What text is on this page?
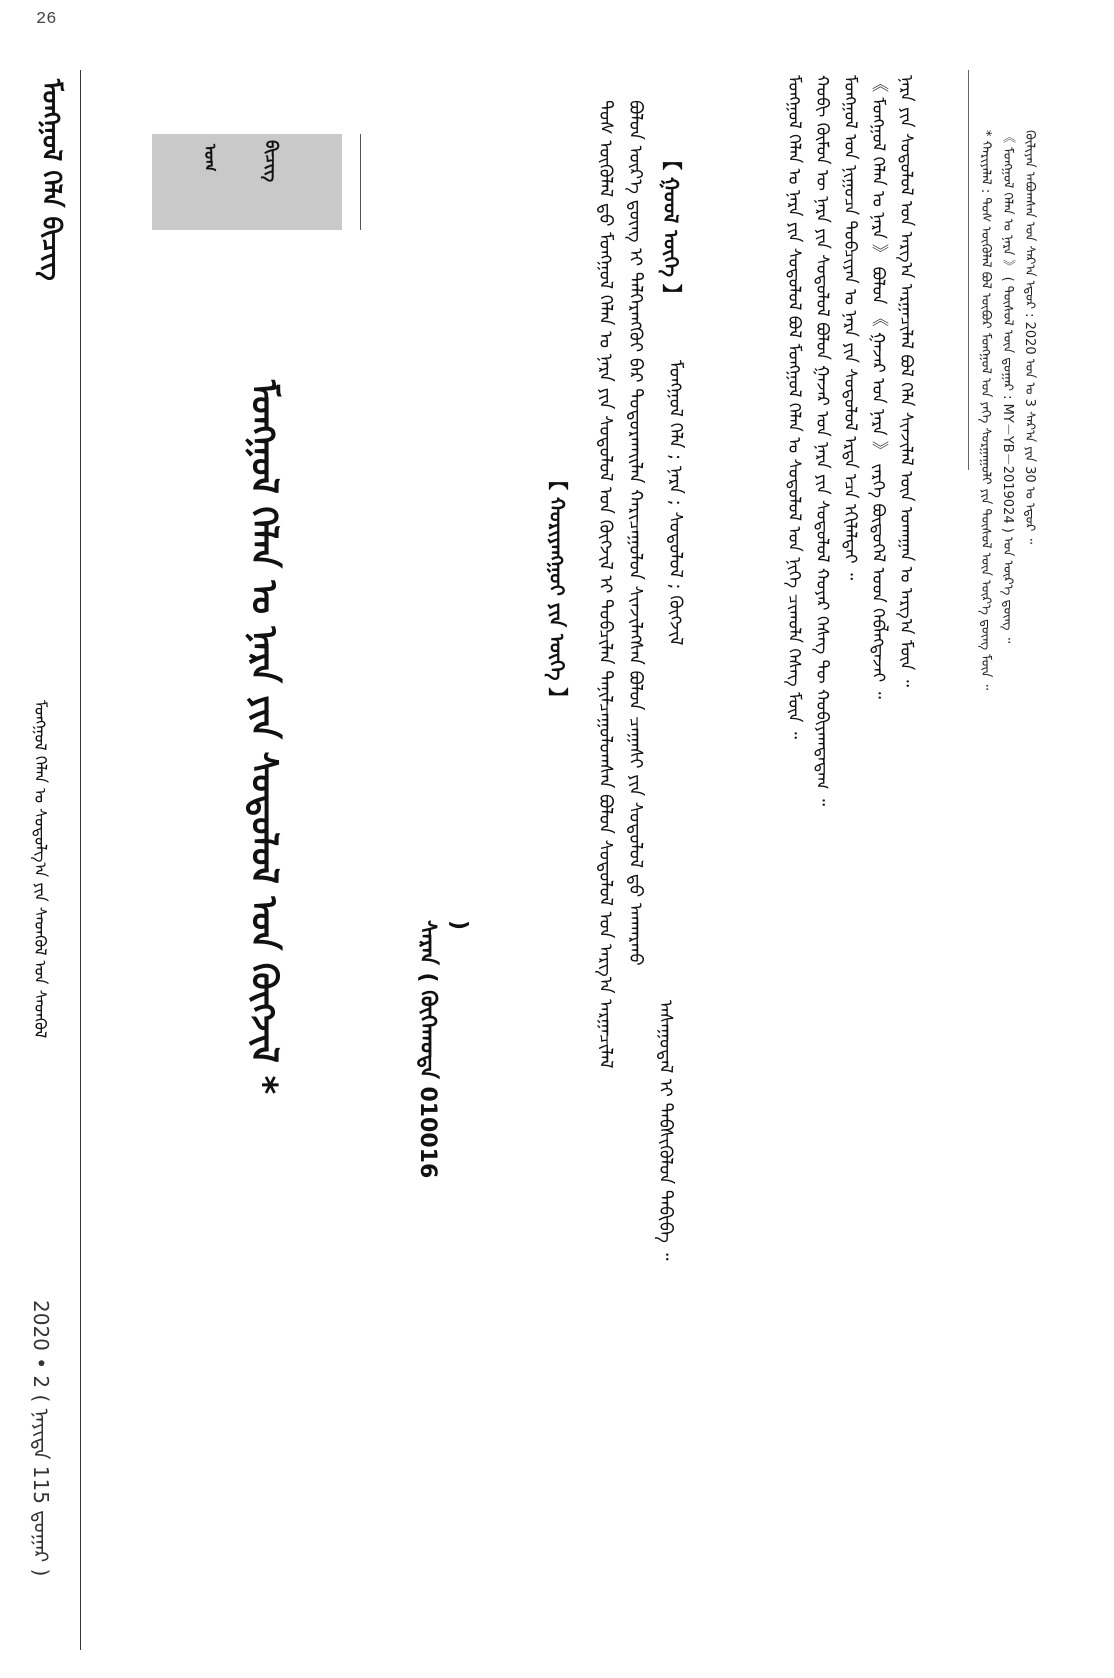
26
ᠮᠣᠩᠭᠣᠯ ᠬᠡᠯᠡ ᠪᠢᠴᠢᠭ
ᠮᠣᠩᠭᠣᠯ ᠬᠡᠯᠡᠨ ᠤ ᠰᠤᠳᠤᠯᠭ᠎ᠠ ᠶᠢᠨ ᠰᠡᠳᠬᠦᠯ ᠤᠨ ᠰᠡᠳᠬᠦᠯ
2020 • 2 ( ᠨᠡᠶᠢᠳᠡ 115 ᠳ᠋ᠤᠭᠠᠷ )
ᠪᠢᠴᠢᠭ
ᠤᠬ
ᠮᠣᠩᠭᠣᠯ ᠬᠡᠯᠡᠨ ᠤ ᠨᠡᠷᠡ ᠶᠢᠨ ᠰᠤᠳᠤᠯᠤᠯ ᠤᠨ ᠬᠥᠭᠵᠢᠯ *	ᠰᠠᠷᠠᠨ ( ᠬᠥᠬᠡᠬᠣᠲᠠ 010016 )
【 ᠬᠤᠷᠢᠶᠠᠩᠭᠤᠢ ᠶᠢᠨ ᠦᠭᠡ 】	ᠲᠤᠰ ᠥᠭᠦᠯᠡᠯ ᠳ᠋ᠦ ᠮᠣᠩᠭᠣᠯ ᠬᠡᠯᠡᠨ ᠤ ᠨᠡᠷᠡ ᠶᠢᠨ ᠰᠤᠳᠤᠯᠤᠯ ᠤᠨ ᠬᠥᠭᠵᠢᠯ ᠢ ᠲᠣᠪᠴᠢᠯᠠᠨ ᠲᠠᠨᠢᠯᠴᠠᠭᠤᠯᠤᠭᠰᠠᠨ ᠪᠣᠯᠤᠨ ᠰᠤᠳᠤᠯᠤᠯ ᠤᠨ ᠠᠷᠭ᠎ᠠ ᠠᠷᠭᠠᠴᠢᠯᠠᠯ ᠪᠣᠯᠤᠨ ᠦᠷ᠎ᠡ ᠳ᠋ᠦᠩ ᠢ ᠳᠡᠯᠭᠡᠷᠡᠩᠭᠦᠢ ᠪᠡᠷ ᠲᠣᠳᠤᠷᠬᠠᠢᠯᠠᠨ ᠬᠠᠷᠢᠴᠠᠭᠤᠯᠤᠨ ᠰᠢᠨᠵᠢᠯᠡᠭᠰᠡᠨ ᠪᠣᠯᠤᠨ ᠴᠠᠭᠠᠰᠢ ᠶᠢᠨ ᠰᠤᠳᠤᠯᠤᠯ ᠳ᠋ᠤ ᠠᠨᠬᠠᠷᠬᠤ
ᠠᠰᠠᠭᠤᠳᠠᠯ ᠢ ᠳᠡᠪᠰᠢᠭᠦᠯᠦᠨ ᠲᠠᠪᠢᠪᠠ ᠃
【 ᠭᠣᠣᠯ ᠦᠭᠡ 】
ᠮᠣᠩᠭᠣᠯ ᠬᠡᠯᠡ ; ᠨᠡᠷᠡ ; ᠰᠤᠳᠤᠯᠤᠯ ; ᠬᠥᠭᠵᠢᠯ	ᠮᠣᠩᠭᠣᠯ ᠬᠡᠯᠡᠨ ᠤ ᠨᠡᠷᠡ ᠶᠢᠨ ᠰᠤᠳᠤᠯᠤᠯ ᠪᠣᠯ ᠮᠣᠩᠭᠣᠯ ᠬᠡᠯᠡᠨ ᠤ ᠰᠤᠳᠤᠯᠤᠯ ᠤᠨ ᠨᠢᠭᠡ ᠴᠢᠬᠤᠯᠠ ᠬᠡᠰᠡᠭ ᠮᠥᠨ ᠃ ᠬᠤᠪᠢ ᠬᠦᠮᠦᠨ ᠦ ᠨᠡᠷᠡ ᠶᠢᠨ ᠰᠤᠳᠤᠯᠤᠯ ᠪᠣᠯᠤᠨ ᠭᠠᠵᠠᠷ ᠤᠨ ᠨᠡᠷᠡ ᠶᠢᠨ ᠰᠤᠳᠤᠯᠤᠯ ᠬᠣᠶᠠᠷ ᠬᠡᠰᠡᠭ ᠲᠦ ᠬᠤᠪᠢᠶᠠᠭᠳᠠᠳᠠᠭ ᠃ ᠮᠣᠩᠭᠣᠯ ᠤᠨ ᠨᠢᠭᠤᠴᠠ ᠲᠣᠪᠴᠢᠶᠠᠨ ᠤ ᠨᠡᠷᠡ ᠶᠢᠨ ᠰᠤᠳᠤᠯᠤᠯ ᠡᠷᠲᠡ ᠡᠴᠡ ᠡᠬᠢᠯᠡᠯᠲᠡᠢ ᠃ 《 ᠮᠣᠩᠭᠣᠯ ᠬᠡᠯᠡᠨ ᠤ ᠨᠡᠷᠡ 》 ᠪᠣᠯᠤᠨ 《 ᠭᠠᠵᠠᠷ ᠤᠨ ᠨᠡᠷᠡ 》 ᠵᠡᠷᠭᠡ ᠪᠦᠲᠦᠭᠡᠯ ᠤᠳ ᠬᠡᠪᠯᠡᠭᠳᠡᠵᠡᠢ ᠃ ᠨᠡᠷᠡ ᠶᠢᠨ ᠰᠤᠳᠤᠯᠤᠯ ᠤᠨ ᠠᠷᠭ᠎ᠠ ᠠᠷᠭᠠᠴᠢᠯᠠᠯ ᠪᠣᠯ ᠬᠡᠯᠡ ᠰᠢᠨᠵᠢᠯᠡᠯ ᠦᠨ ᠤᠬᠠᠭᠠᠨ ᠤ ᠠᠷᠭ᠎ᠠ ᠮᠥᠨ ᠃	* ᠬᠠᠷᠢᠶᠠᠯᠠᠯ : ᠲᠤᠰ ᠥᠭᠦᠯᠡᠯ ᠪᠣᠯ ᠥᠪᠦᠷ ᠮᠣᠩᠭᠣᠯ ᠤᠨ ᠶᠡᠬᠡ ᠰᠤᠷᠭᠠᠭᠤᠯᠢ ᠶᠢᠨ ᠲᠥᠰᠥᠯ ᠦᠨ ᠦᠷ᠎ᠡ ᠳ᠋ᠦᠩ ᠮᠥᠨ ᠃ 《 ᠮᠣᠩᠭᠣᠯ ᠬᠡᠯᠡᠨ ᠤ ᠨᠡᠷᠡ 》 ( ᠲᠥᠰᠥᠯ ᠦᠨ ᠳ᠋ᠤᠭᠠᠷ : MY－YB－2019024 ) ᠤᠨ ᠦᠷ᠎ᠡ ᠳ᠋ᠦᠩ ᠃ ᠬᠦᠯᠢᠶᠡᠨ ᠠᠪᠤᠭᠰᠠᠨ ᠣᠨ ᠰᠠᠷ᠎ᠠ ᠡᠳᠦᠷ : 2020 ᠣᠨ ᠤ 3 ᠰᠠᠷ᠎ᠠ ᠶᠢᠨ 30 ᠤ ᠡᠳᠦᠷ ᠃
